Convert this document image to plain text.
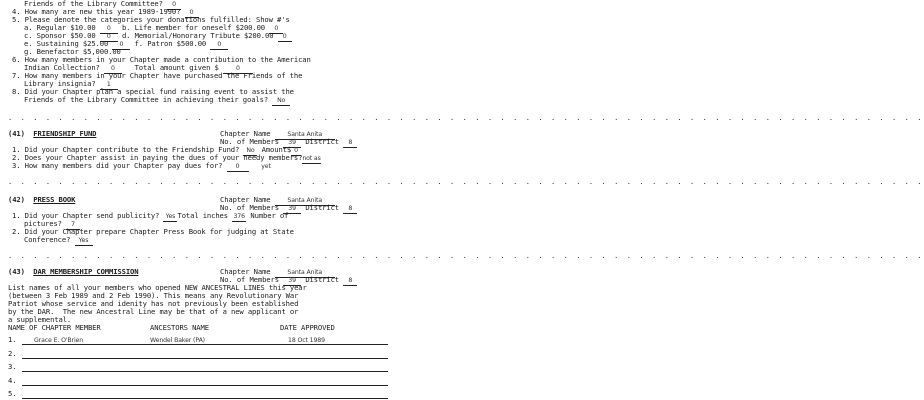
Friends of the Library Committee? 0
4. How many are new this year 1989-1990? 0
5. Please denote the categories your donations fulfilled: Show #'s
a. Regular $10.00 0 b. Life member for oneself $200.00 0
c. Sponsor $50.00 0 d. Memorial/Honorary Tribute $200.00 0
e. Sustaining $25.00 0 f. Patron $500.00 0
g. Benefactor $5,000.00
6. How many members in your Chapter made a contribution to the American
Indian Collection? 0	Total amount given $	0
7. How many members in your Chapter have purchased the Friends of the
Library insignia? 1
8. Did your Chapter plan a special fund raising event to assist the
Friends of the Library Committee in achieving their goals? No
. . . . . . . . . . . . . . . . . . . . . . . . . . . . . . . . . . . . . . . . . . . . . . . . . . . . . . . . . . . . . . . . . . . . . . . . .
(41) FRIENDSHIP FUND	Chapter Name	Santa Anita
No. of Members 39 District 8
1. Did your Chapter contribute to the Friendship Fund? No Amount$ 0
2. Does your Chapter assist in paying the dues of your needy members?not as
3. How many members did your Chapter pay dues for? 0	yet
. . . . . . . . . . . . . . . . . . . . . . . . . . . . . . . . . . . . . . . . . . . . . . . . . . . . . . . . . . . . . . . . . . . . . . . . .
(42) PRESS BOOK	Chapter Name	Santa Anita
No. of Members 39 District 8
1. Did your Chapter send publicity? Yes Total inches 376 Number of
pictures? 7
2. Did your Chapter prepare Chapter Press Book for judging at State
Conference? Yes
. . . . . . . . . . . . . . . . . . . . . . . . . . . . . . . . . . . . . . . . . . . . . . . . . . . . . . . . . . . . . . . . . . . . . . . . .
(43) DAR MEMBERSHIP COMMISSION	Chapter Name	Santa Anita
No. of Members 39 District 8
List names of all your members who opened NEW ANCESTRAL LINES this year
(between 3 Feb 1989 and 2 Feb 1990). This means any Revolutionary War
Patriot whose service and idenity has not previously been established
by the DAR.  The new Ancestral Line may be that of a new applicant or
a supplemental.
NAME OF CHAPTER MEMBER	ANCESTORS NAME	DATE APPROVED
1.	Grace E. O'Brien	Wendel Baker (PA)	18 Oct 1989
2.
3.
4.
5.
